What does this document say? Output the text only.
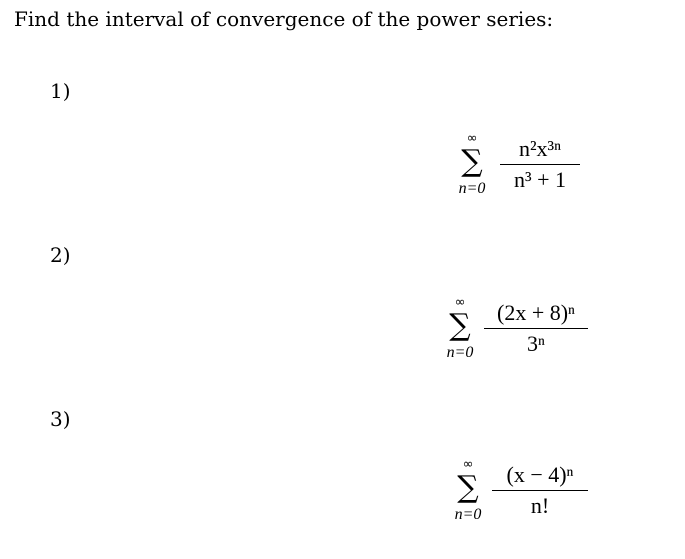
Find the interval of convergence of the power series:
1)
∞
∑
n=0
n²x³ⁿ
n³ + 1
2)
∞
∑
n=0
(2x + 8)ⁿ
3ⁿ
3)
∞
∑
n=0
(x − 4)ⁿ
n!
